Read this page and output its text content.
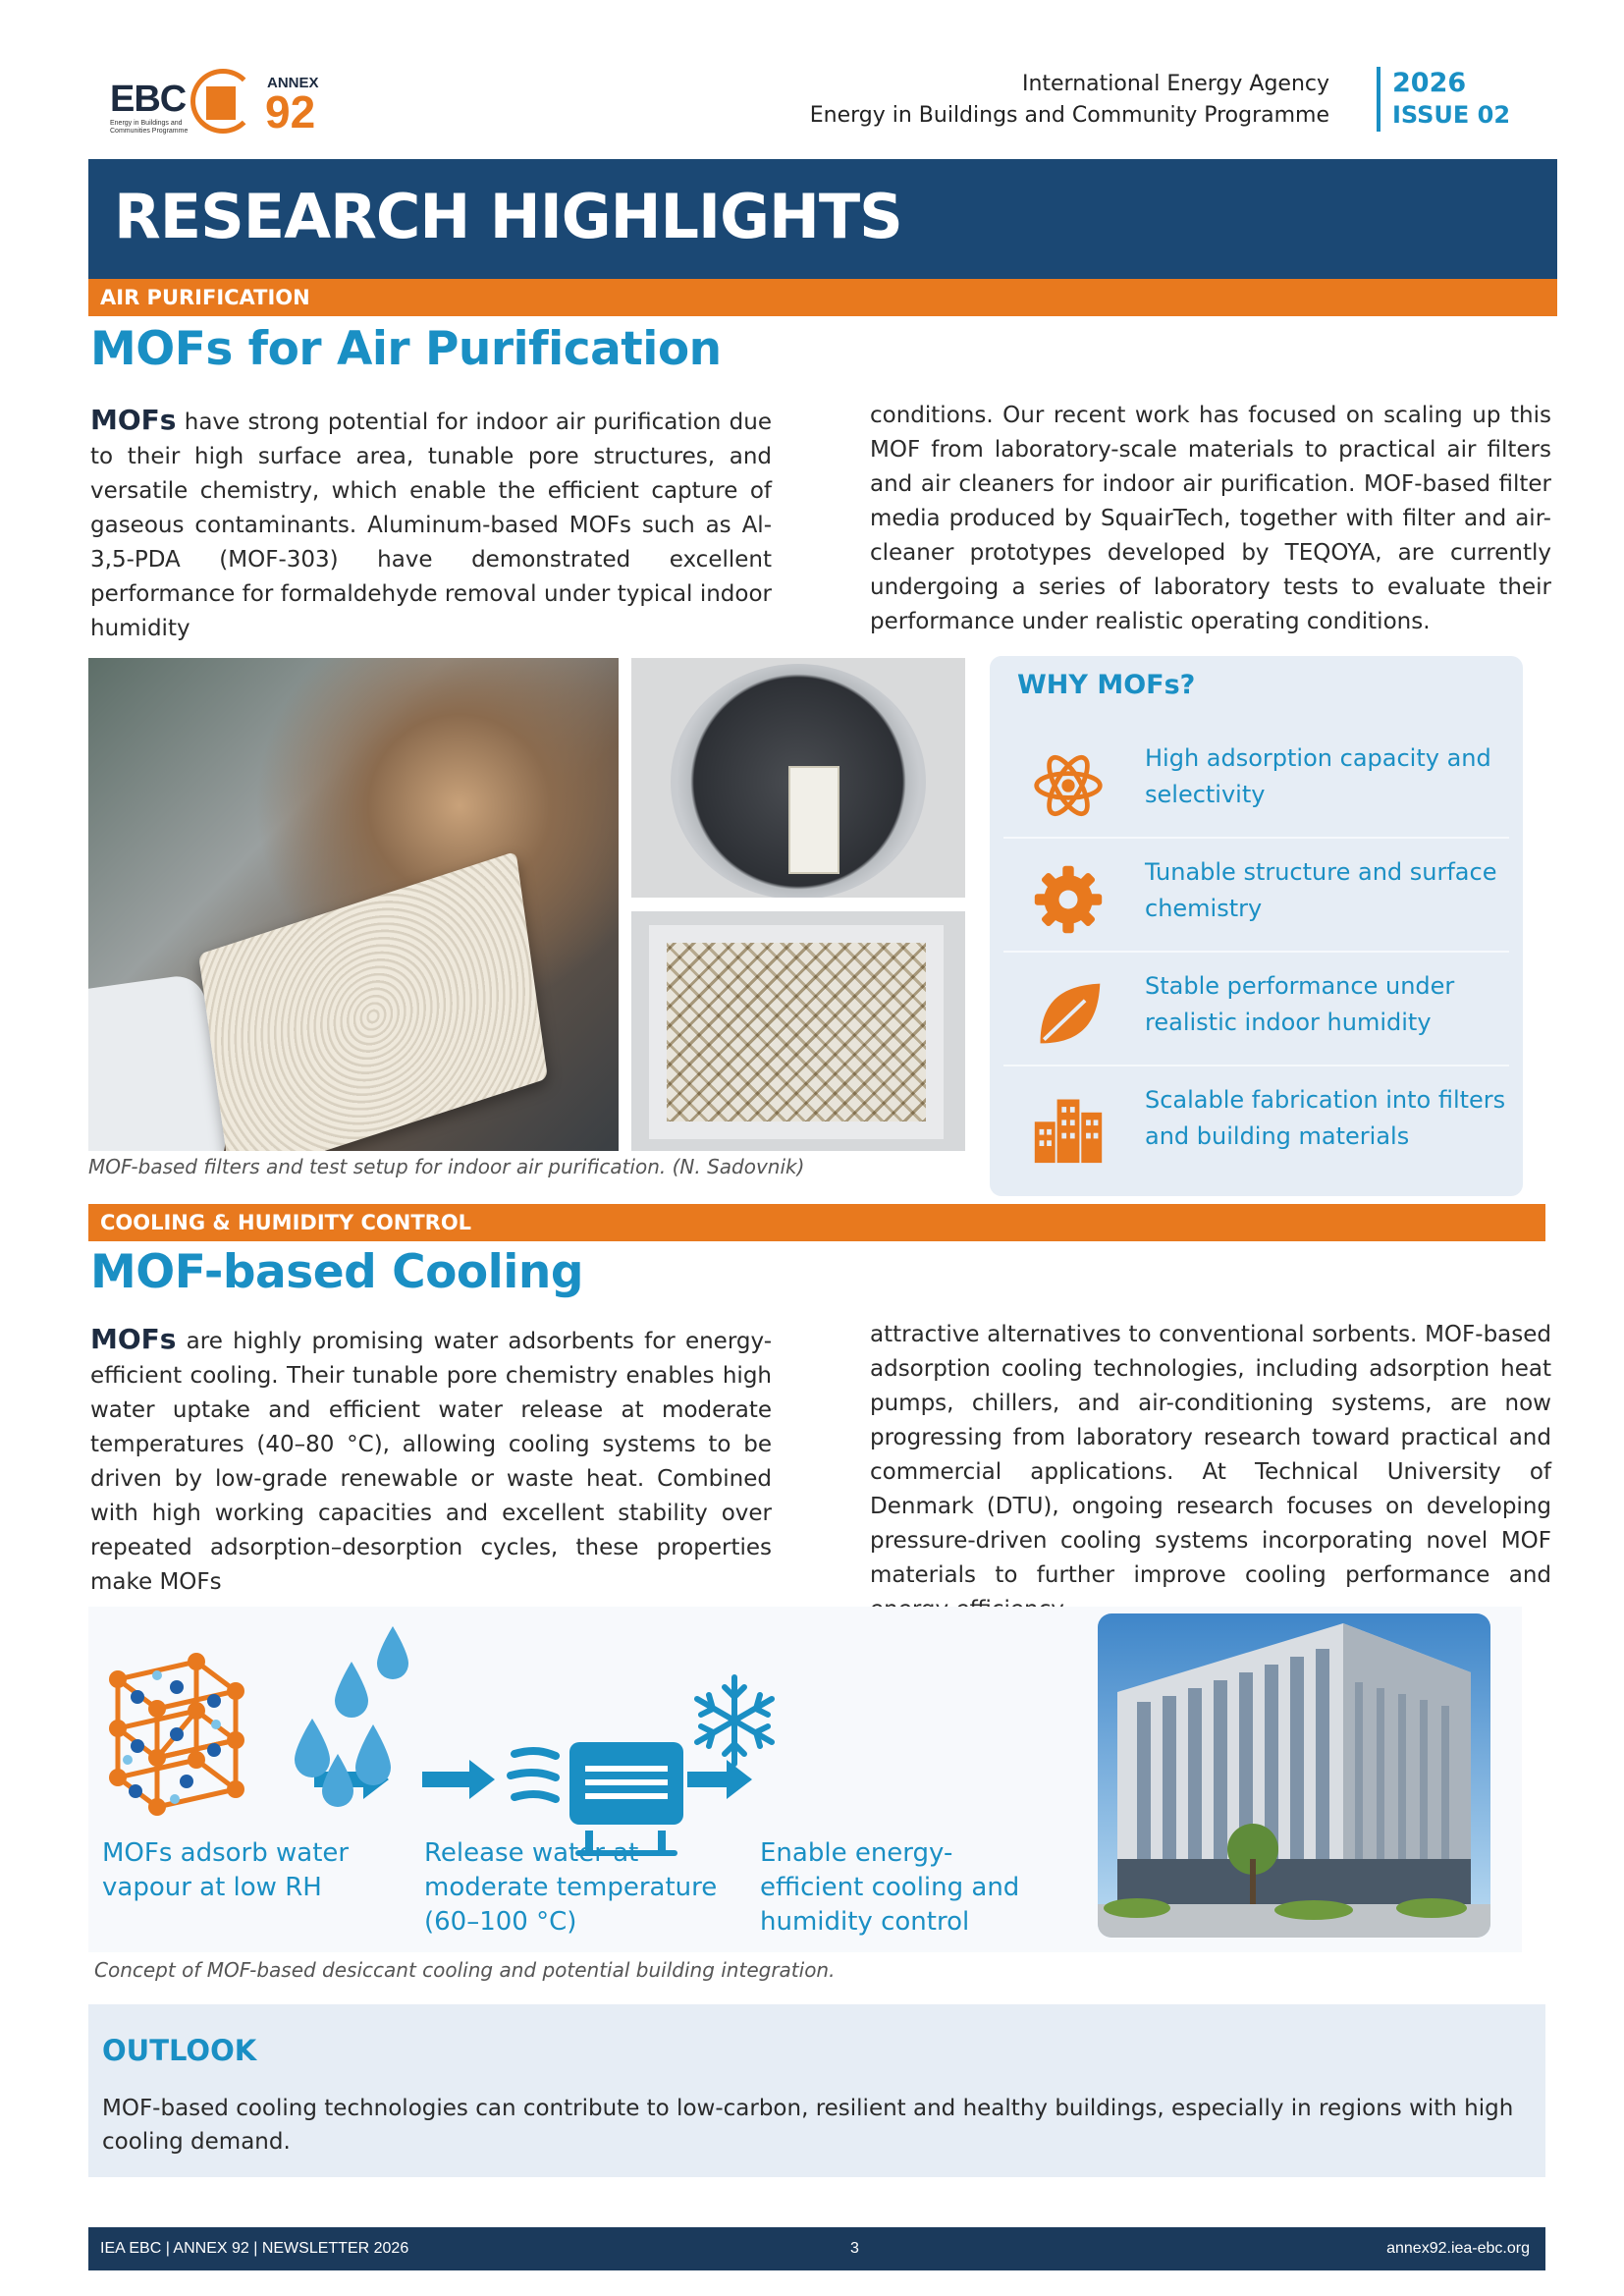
EBC
Energy in Buildings and Communities Programme
ANNEX
92
International Energy Agency
Energy in Buildings and Community Programme
2026
ISSUE 02
RESEARCH HIGHLIGHTS
AIR PURIFICATION
MOFs for Air Purification
MOFs have strong potential for indoor air purification due to their high surface area, tunable pore structures, and versatile chemistry, which enable the efficient capture of gaseous contaminants. Aluminum-based MOFs such as Al-3,5-PDA (MOF-303) have demonstrated excellent performance for formaldehyde removal under typical indoor humidity
conditions. Our recent work has focused on scaling up this MOF from laboratory-scale materials to practical air filters and air cleaners for indoor air purification. MOF-based filter media produced by SquairTech, together with filter and air-cleaner prototypes developed by TEQOYA, are currently undergoing a series of laboratory tests to evaluate their performance under realistic operating conditions.
MOF-based filters and test setup for indoor air purification. (N. Sadovnik)
WHY MOFs?
High adsorption capacity and selectivity
Tunable structure and surface chemistry
Stable performance under realistic indoor humidity
Scalable fabrication into filters and building materials
COOLING & HUMIDITY CONTROL
MOF-based Cooling
MOFs are highly promising water adsorbents for energy-efficient cooling. Their tunable pore chemistry enables high water uptake and efficient water release at moderate temperatures (40–80 °C), allowing cooling systems to be driven by low-grade renewable or waste heat. Combined with high working capacities and excellent stability over repeated adsorption–desorption cycles, these properties make MOFs
attractive alternatives to conventional sorbents. MOF-based adsorption cooling technologies, including adsorption heat pumps, chillers, and air-conditioning systems, are now progressing from laboratory research toward practical and commercial applications. At Technical University of Denmark (DTU), ongoing research focuses on developing pressure-driven cooling systems incorporating novel MOF materials to further improve cooling performance and
MOFs adsorb water vapour at low RH
Release water at moderate temperature (60–100 °C)
Enable energy-efficient cooling and humidity control
Concept of MOF-based desiccant cooling and potential building integration.
OUTLOOK

MOF-based cooling technologies can contribute to low-carbon, resilient and healthy buildings, especially in regions with high cooling demand.

IEA EBC | ANNEX 92 | NEWSLETTER 2026	3	annex92.iea-ebc.org
